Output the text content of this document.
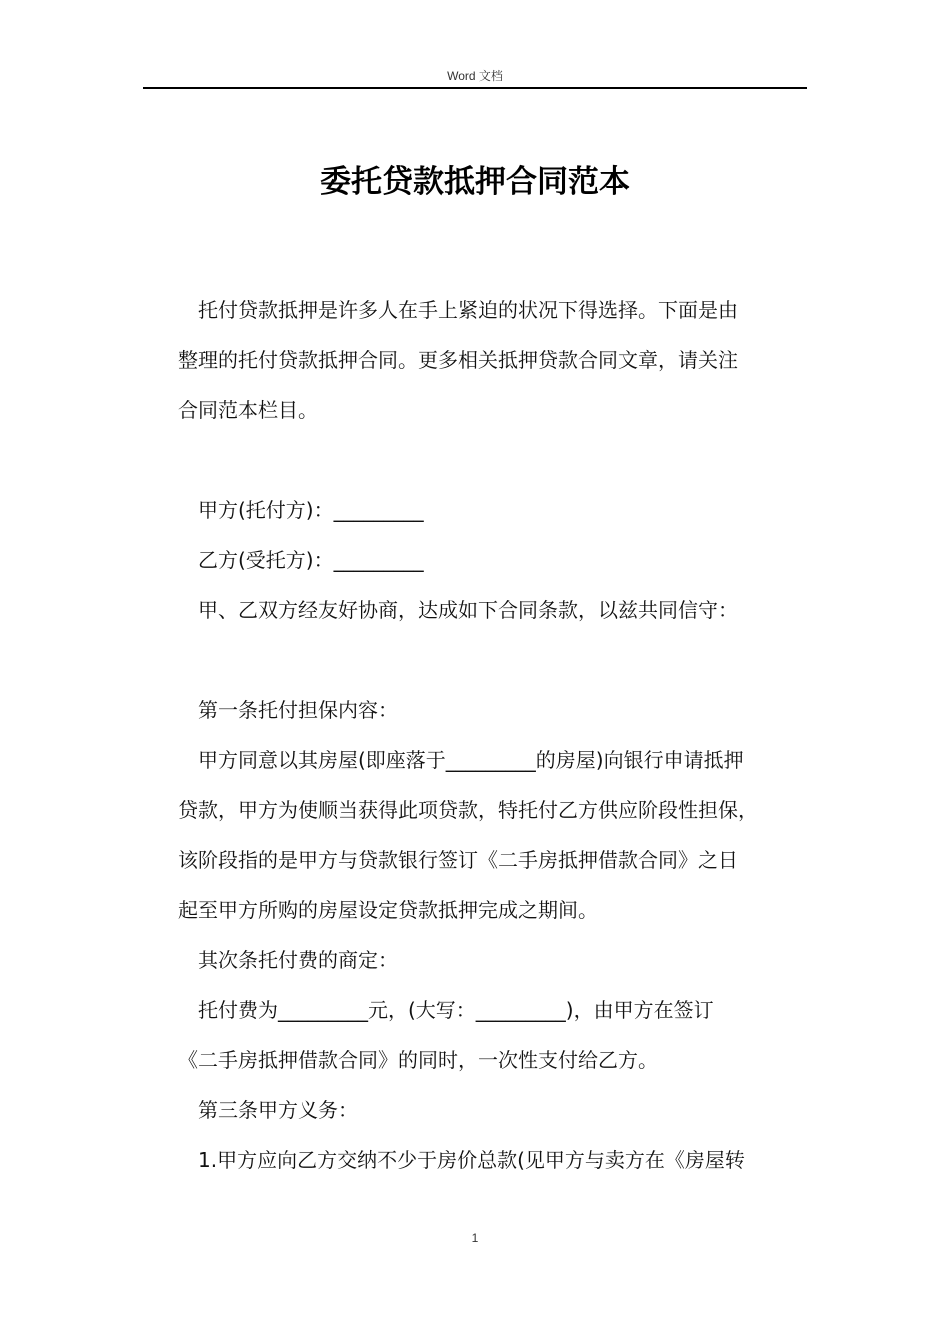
Word 文档
委托贷款抵押合同范本
　托付贷款抵押是许多人在手上紧迫的状况下得选择。下面是由
整理的托付贷款抵押合同。更多相关抵押贷款合同文章，请关注
合同范本栏目。
　甲方(托付方)：_________
　乙方(受托方)：_________
　甲、乙双方经友好协商，达成如下合同条款，以兹共同信守：
　第一条托付担保内容：
　甲方同意以其房屋(即座落于_________的房屋)向银行申请抵押
贷款，甲方为使顺当获得此项贷款，特托付乙方供应阶段性担保，
该阶段指的是甲方与贷款银行签订《二手房抵押借款合同》之日
起至甲方所购的房屋设定贷款抵押完成之期间。
　其次条托付费的商定：
　托付费为_________元，(大写：_________)，由甲方在签订
《二手房抵押借款合同》的同时，一次性支付给乙方。
　第三条甲方义务：
　1.甲方应向乙方交纳不少于房价总款(见甲方与卖方在《房屋转
1
